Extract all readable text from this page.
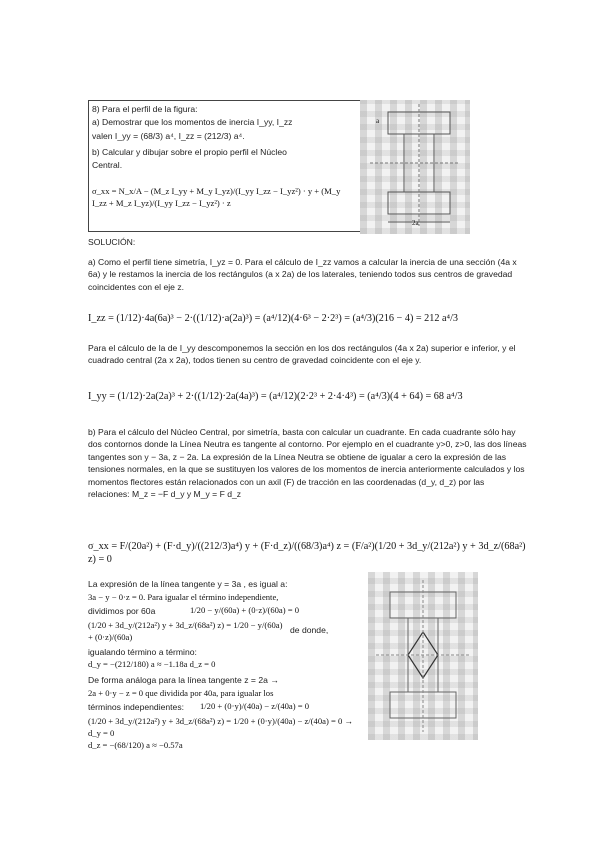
8) Para el perfil de la figura:
a) Demostrar que los momentos de inercia I_yy, I_zz
valen I_yy = (68/3) a⁴, I_zz = (212/3) a⁴.
b) Calcular y dibujar sobre el propio perfil el Núcleo
Central.
σ_xx = N_x/A − (M_z I_yy + M_y I_yz)/(I_yy I_zz − I_yz²) · y + (M_y I_zz + M_z I_yz)/(I_yy I_zz − I_yz²) · z
2a
a
SOLUCIÓN:
a) Como el perfil tiene simetría, I_yz = 0. Para el cálculo de I_zz vamos a calcular la inercia de una sección (4a x 6a) y le restamos la inercia de los rectángulos (a x 2a) de los laterales, teniendo todos sus centros de gravedad coincidentes con el eje z.
I_zz = (1/12)·4a(6a)³ − 2·((1/12)·a(2a)³) = (a⁴/12)(4·6³ − 2·2³) = (a⁴/3)(216 − 4) = 212 a⁴/3
Para el cálculo de la de I_yy descomponemos la sección en los dos rectángulos (4a x 2a) superior e inferior, y el cuadrado central (2a x 2a), todos tienen su centro de gravedad coincidente con el eje y.
I_yy = (1/12)·2a(2a)³ + 2·((1/12)·2a(4a)³) = (a⁴/12)(2·2³ + 2·4·4³) = (a⁴/3)(4 + 64) = 68 a⁴/3
b) Para el cálculo del Núcleo Central, por simetría, basta con calcular un cuadrante. En cada cuadrante sólo hay dos contornos donde la Línea Neutra es tangente al contorno. Por ejemplo en el cuadrante y>0, z>0, las dos líneas tangentes son y − 3a, z − 2a. La expresión de la Línea Neutra se obtiene de igualar a cero la expresión de las tensiones normales, en la que se sustituyen los valores de los momentos de inercia anteriormente calculados y los momentos flectores están relacionados con un axil (F) de tracción en las coordenadas (d_y, d_z) por las relaciones: M_z = −F d_y y M_y = F d_z
σ_xx = F/(20a²) + (F·d_y)/((212/3)a⁴) y + (F·d_z)/((68/3)a⁴) z = (F/a²)(1/20 + 3d_y/(212a²) y + 3d_z/(68a²) z) = 0
La expresión de la línea tangente y = 3a , es igual a:
3a − y − 0·z = 0. Para igualar el término independiente,
dividimos por 60a	1/20 − y/(60a) + (0·z)/(60a) = 0
(1/20 + 3d_y/(212a²) y + 3d_z/(68a²) z) = 1/20 − y/(60a) + (0·z)/(60a)
de donde,
igualando término a término:
d_y = −(212/180) a ≈ −1.18a d_z = 0
De forma análoga para la línea tangente z = 2a →
2a + 0·y − z = 0 que dividida por 40a, para igualar los
términos independientes: 1/20 + (0·y)/(40a) − z/(40a) = 0
(1/20 + 3d_y/(212a²) y + 3d_z/(68a²) z) = 1/20 + (0·y)/(40a) − z/(40a) = 0 → d_y = 0
d_z = −(68/120) a ≈ −0.57a
